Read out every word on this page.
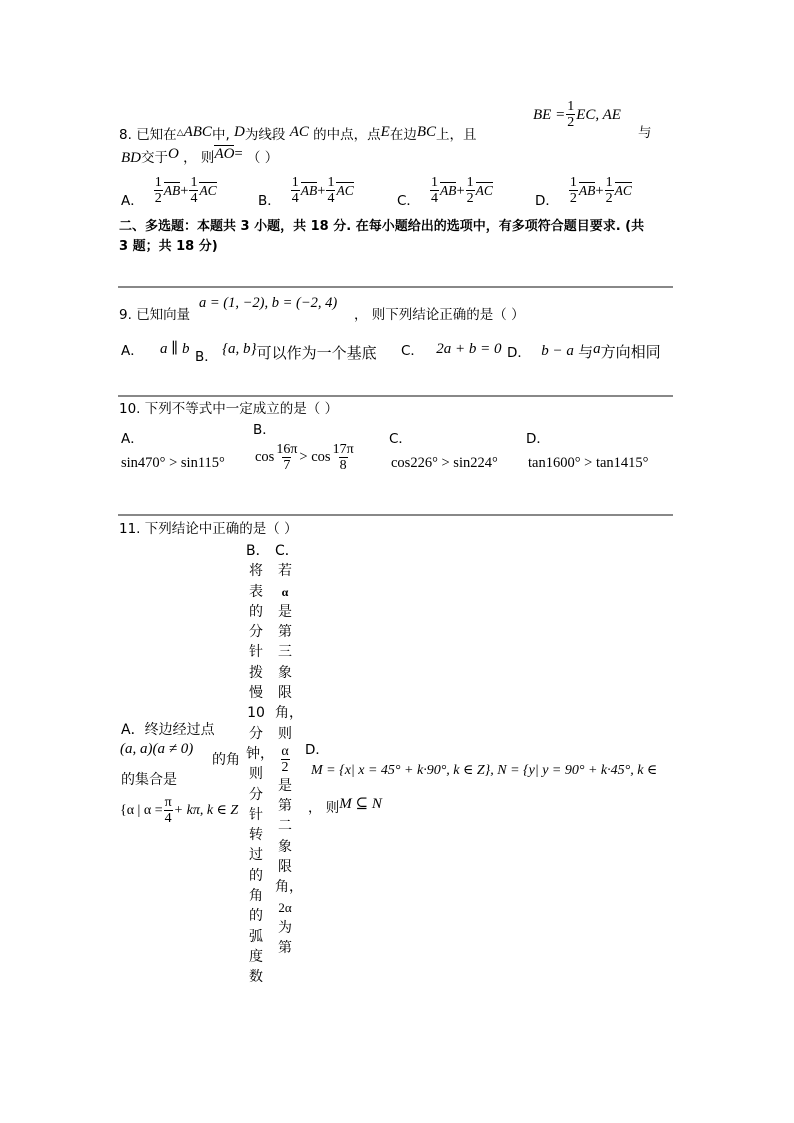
8. 已知在△ABC中, D为线段 AC 的中点，点E在边BC上，且
BE = $\frac{1}{2}$ EC, AE
与
BD交于O ， 则AO= （ ）
A． $\frac{1}{2} AB+ \frac{1}{4}$ AC
B． $\frac{1}{4} AB+ \frac{1}{4}$ AC
C． $\frac{1}{4} AB+ \frac{1}{2}$ AC
D． $\frac{1}{2} AB+ \frac{1}{2}$ AC
二、多选题：本题共 3 小题，共 18 分. 在每小题给出的选项中，有多项符合题目要求. (共
3 题；共 18 分)
a = (1, −2), b = (−2, 4)
9. 已知向量	， 则下列结论正确的是（ ）
A． a ∥ b B． {a, b}可以作为一个基底 C． 2a + b = 0 D． b − a 与a方向相同
10. 下列不等式中一定成立的是（ ）
A．
sin470° > sin115°
B．
$\cos \frac{16\pi}{7} > \cos \frac{17\pi}{8}$
C．
cos226° > sin224°
D．
tan1600° > tan1415°
11. 下列结论中正确的是（ ）
A．终边经过点
(a, a)(a ≠ 0)
的角
的集合是
{α | $\alpha = \frac{\pi}{4} + k\pi$, k ∈ Z
B．将表的分针拨慢10分钟，则分针转过的角的弧度数
C．若α是第三象限角，则
$\frac{\alpha}{2}$
是第二象限角，2α为第
D．
M = {x| x = 45° + k·90°, k ∈ Z}, N = {y| y = 90° + k·45°, k ∈
， 则M ⊆ N
